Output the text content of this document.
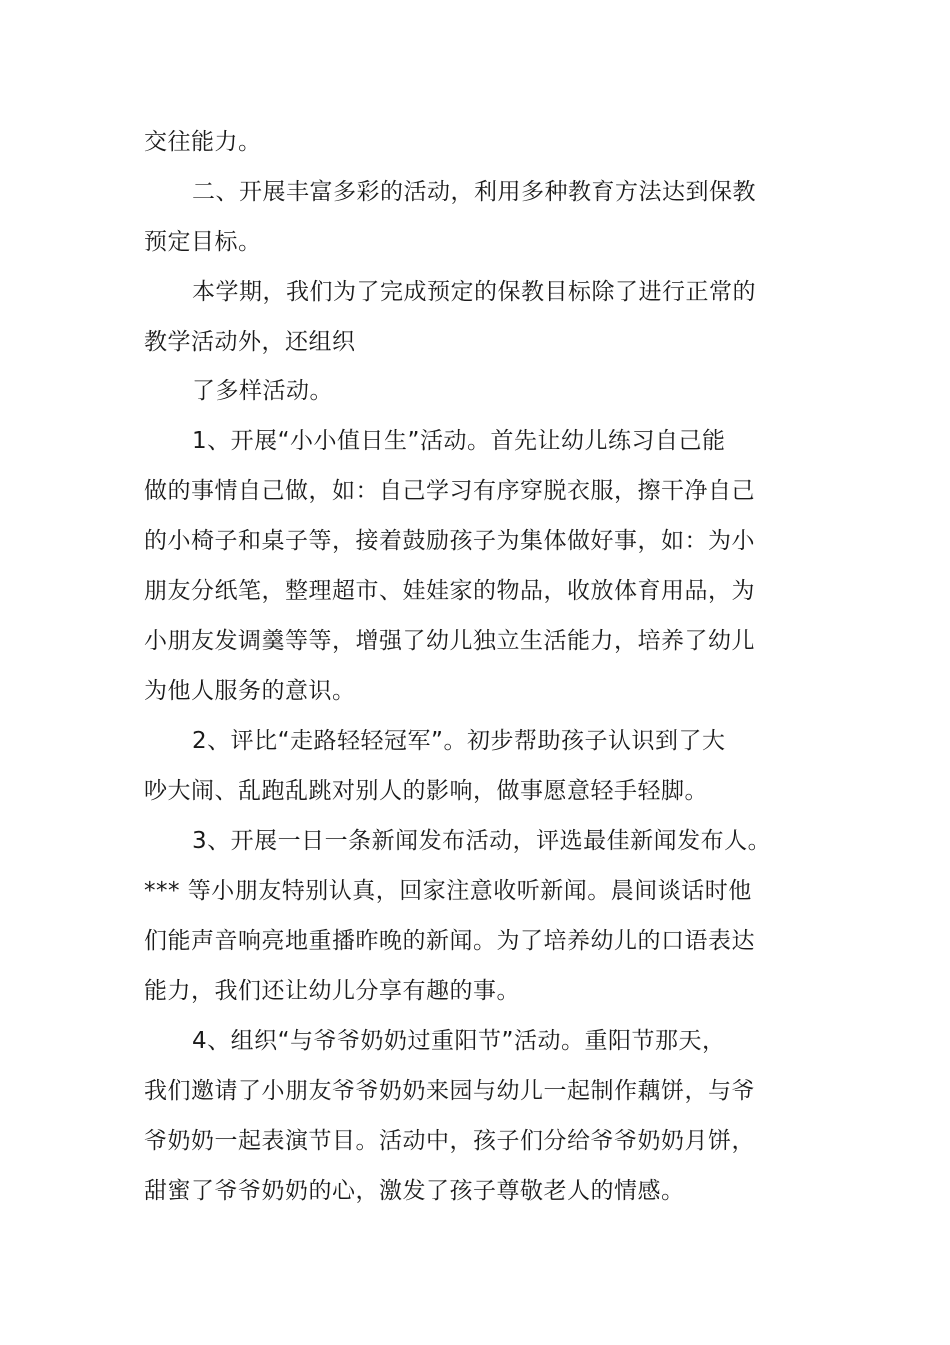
交往能力。
二、开展丰富多彩的活动，利用多种教育方法达到保教
预定目标。
本学期，我们为了完成预定的保教目标除了进行正常的
教学活动外，还组织
了多样活动。
1、开展“小小值日生”活动。首先让幼儿练习自己能
做的事情自己做，如：自己学习有序穿脱衣服，擦干净自己
的小椅子和桌子等，接着鼓励孩子为集体做好事，如：为小
朋友分纸笔，整理超市、娃娃家的物品，收放体育用品，为
小朋友发调羹等等，增强了幼儿独立生活能力，培养了幼儿
为他人服务的意识。
2、评比“走路轻轻冠军”。初步帮助孩子认识到了大
吵大闹、乱跑乱跳对别人的影响，做事愿意轻手轻脚。
3、开展一日一条新闻发布活动，评选最佳新闻发布人。
*** 等小朋友特别认真，回家注意收听新闻。晨间谈话时他
们能声音响亮地重播昨晚的新闻。为了培养幼儿的口语表达
能力，我们还让幼儿分享有趣的事。
4、组织“与爷爷奶奶过重阳节”活动。重阳节那天，
我们邀请了小朋友爷爷奶奶来园与幼儿一起制作藕饼，与爷
爷奶奶一起表演节目。活动中，孩子们分给爷爷奶奶月饼，
甜蜜了爷爷奶奶的心，激发了孩子尊敬老人的情感。
